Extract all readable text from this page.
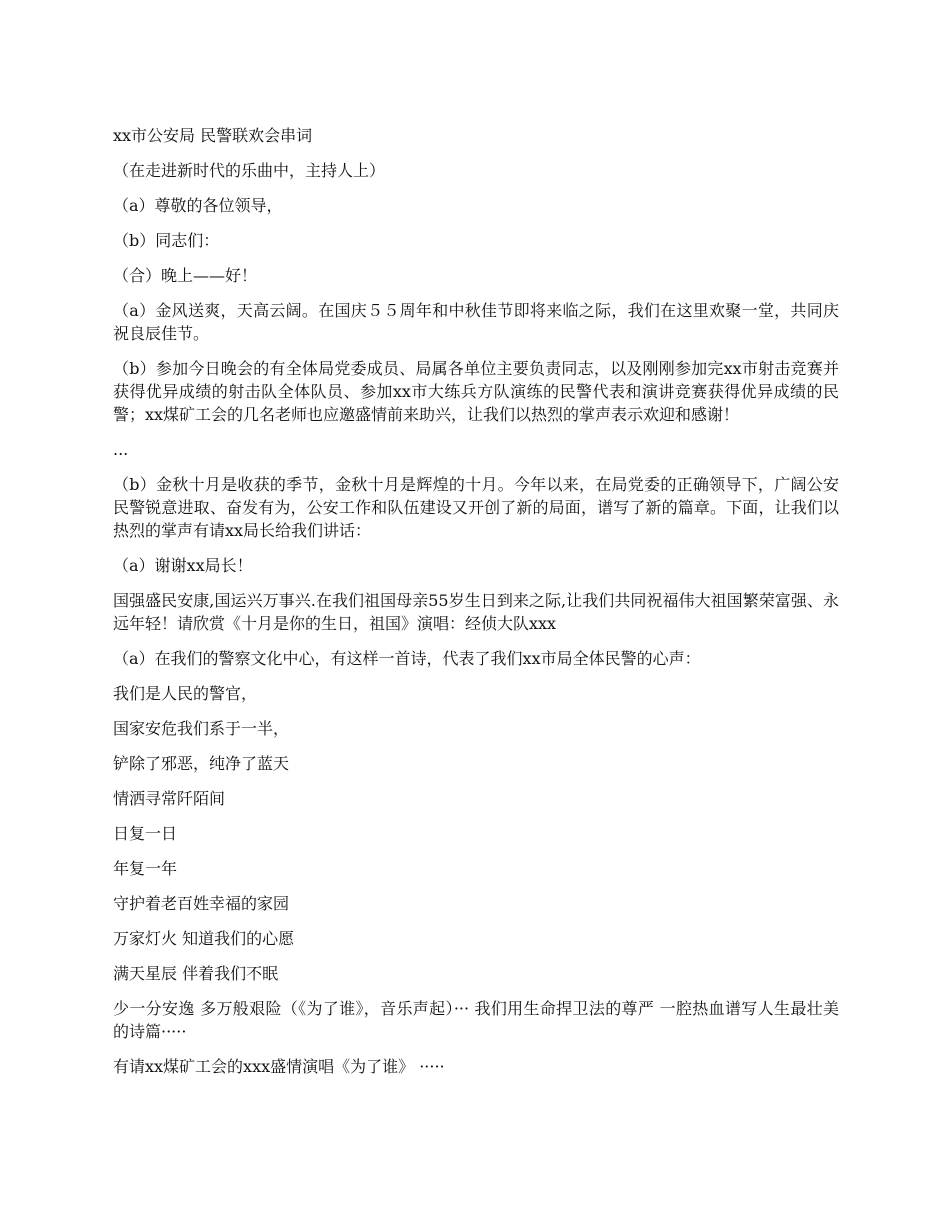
xx市公安局 民警联欢会串词

（在走进新时代的乐曲中，主持人上）

（a）尊敬的各位领导，

（b）同志们：

（合）晚上——好！

（a）金风送爽，天高云阔。在国庆５５周年和中秋佳节即将来临之际，我们在这里欢聚一堂，共同庆祝良辰佳节。

（b）参加今日晚会的有全体局党委成员、局属各单位主要负责同志，以及刚刚参加完xx市射击竞赛并获得优异成绩的射击队全体队员、参加xx市大练兵方队演练的民警代表和演讲竞赛获得优异成绩的民警；xx煤矿工会的几名老师也应邀盛情前来助兴，让我们以热烈的掌声表示欢迎和感谢！

...

（b）金秋十月是收获的季节，金秋十月是辉煌的十月。今年以来，在局党委的正确领导下，广阔公安民警锐意进取、奋发有为，公安工作和队伍建设又开创了新的局面，谱写了新的篇章。下面，让我们以热烈的掌声有请xx局长给我们讲话：

（a）谢谢xx局长！

国强盛民安康,国运兴万事兴.在我们祖国母亲55岁生日到来之际,让我们共同祝福伟大祖国繁荣富强、永远年轻！请欣赏《十月是你的生日，祖国》演唱：经侦大队xxx

（a）在我们的警察文化中心，有这样一首诗，代表了我们xx市局全体民警的心声：

我们是人民的警官，

国家安危我们系于一半，

铲除了邪恶，纯净了蓝天

情洒寻常阡陌间

日复一日

年复一年

守护着老百姓幸福的家园

万家灯火 知道我们的心愿

满天星辰 伴着我们不眠

少一分安逸 多万般艰险（《为了谁》，音乐声起）··· 我们用生命捍卫法的尊严 一腔热血谱写人生最壮美的诗篇·····

有请xx煤矿工会的xxx盛情演唱《为了谁》 ·····
